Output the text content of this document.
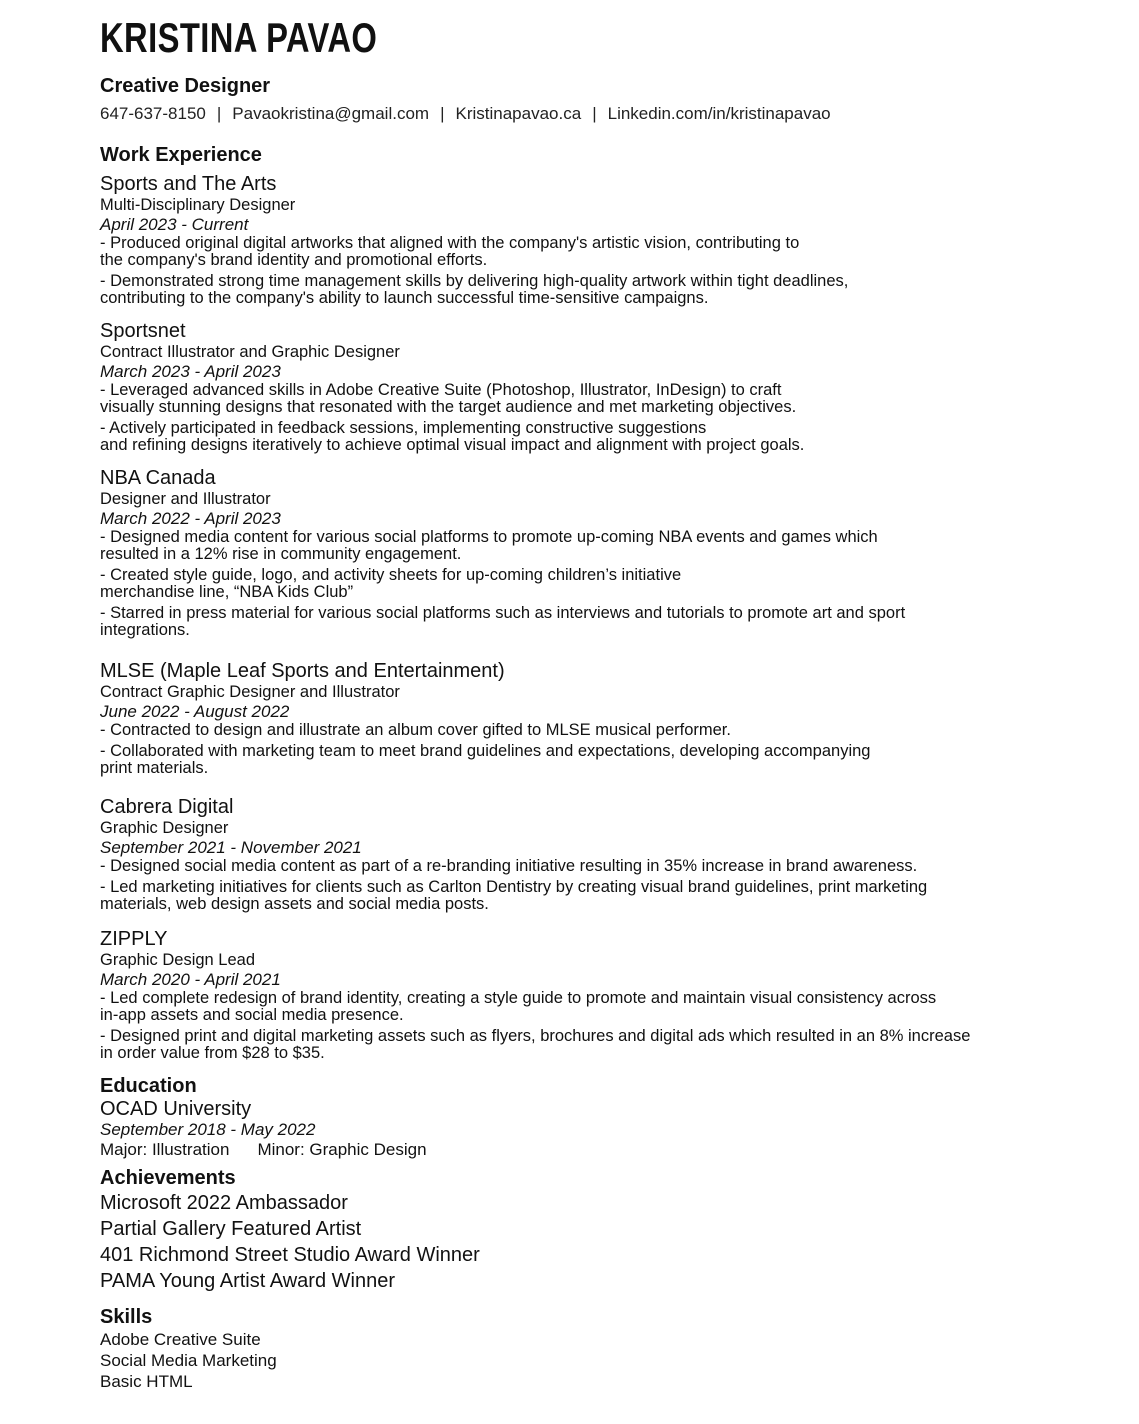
KRISTINA PAVAO

Creative Designer

647-637-8150 | Pavaokristina@gmail.com | Kristinapavao.ca | Linkedin.com/in/kristinapavao
Work Experience

Sports and The Arts

Multi-Disciplinary Designer

April 2023 - Current

- Produced original digital artworks that aligned with the company's artistic vision, contributing to
the company's brand identity and promotional efforts.

- Demonstrated strong time management skills by delivering high-quality artwork within tight deadlines,
contributing to the company's ability to launch successful time-sensitive campaigns.

Sportsnet

Contract Illustrator and Graphic Designer

March 2023 - April 2023

- Leveraged advanced skills in Adobe Creative Suite (Photoshop, Illustrator, InDesign) to craft
visually stunning designs that resonated with the target audience and met marketing objectives.

- Actively participated in feedback sessions, implementing constructive suggestions
and refining designs iteratively to achieve optimal visual impact and alignment with project goals.

NBA Canada

Designer and Illustrator

March 2022 - April 2023

- Designed media content for various social platforms to promote up-coming NBA events and games which
resulted in a 12% rise in community engagement.

- Created style guide, logo, and activity sheets for up-coming children’s initiative
merchandise line, “NBA Kids Club”

- Starred in press material for various social platforms such as interviews and tutorials to promote art and sport
integrations.

MLSE (Maple Leaf Sports and Entertainment)

Contract Graphic Designer and Illustrator

June 2022 - August 2022

- Contracted to design and illustrate an album cover gifted to MLSE musical performer.

- Collaborated with marketing team to meet brand guidelines and expectations, developing accompanying
print materials.

Cabrera Digital

Graphic Designer

September 2021 - November 2021

- Designed social media content as part of a re-branding initiative resulting in 35% increase in brand awareness.

- Led marketing initiatives for clients such as Carlton Dentistry by creating visual brand guidelines, print marketing
materials, web design assets and social media posts.

ZIPPLY

Graphic Design Lead

March 2020 - April 2021

- Led complete redesign of brand identity, creating a style guide to promote and maintain visual consistency across
in-app assets and social media presence.

- Designed print and digital marketing assets such as flyers, brochures and digital ads which resulted in an 8% increase
in order value from $28 to $35.

Education

OCAD University

September 2018 - May 2022

Major: Illustration Minor: Graphic Design

Achievements

Microsoft 2022 Ambassador

Partial Gallery Featured Artist

401 Richmond Street Studio Award Winner

PAMA Young Artist Award Winner

Skills

Adobe Creative Suite

Social Media Marketing

Basic HTML
